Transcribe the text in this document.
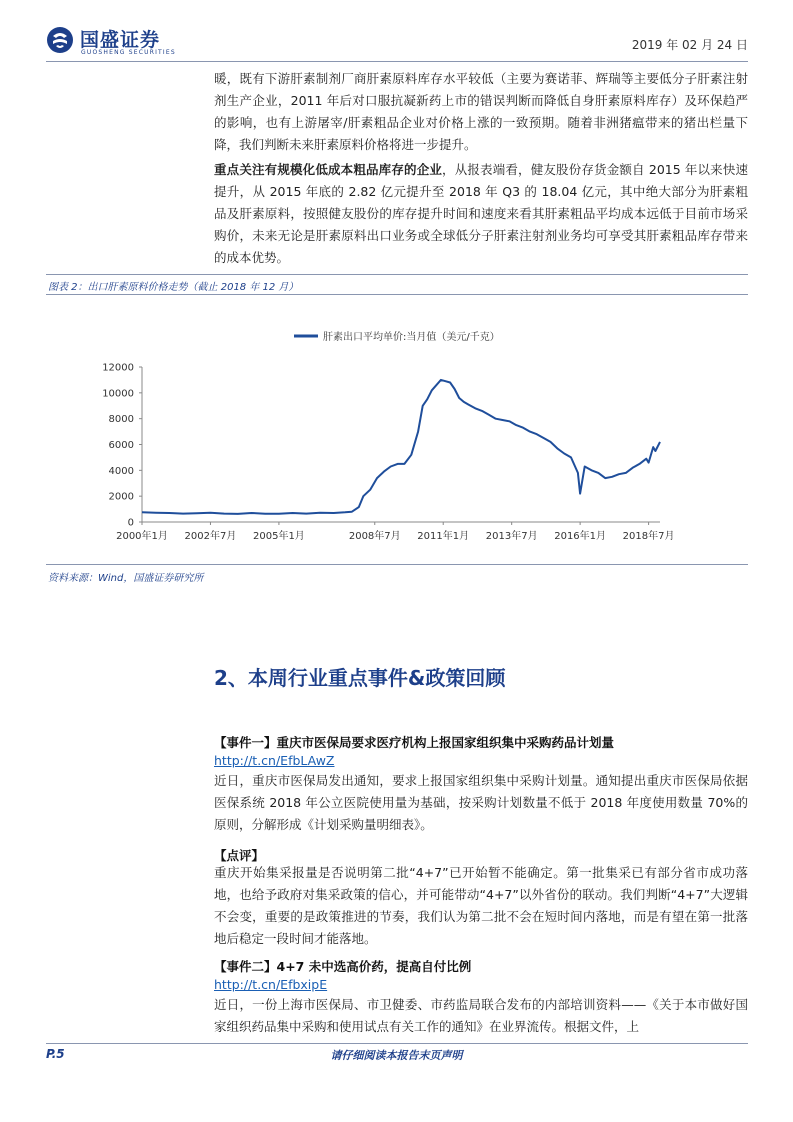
国盛证券
GUOSHENG SECURITIES
2019 年 02 月 24 日

暖，既有下游肝素制剂厂商肝素原料库存水平较低（主要为赛诺菲、辉瑞等主要低分子肝素注射剂生产企业，2011 年后对口服抗凝新药上市的错误判断而降低自身肝素原料库存）及环保趋严的影响，也有上游屠宰/肝素粗品企业对价格上涨的一致预期。随着非洲猪瘟带来的猪出栏量下降，我们判断未来肝素原料价格将进一步提升。

重点关注有规模化低成本粗品库存的企业，从报表端看，健友股份存货金额自 2015 年以来快速提升，从 2015 年底的 2.82 亿元提升至 2018 年 Q3 的 18.04 亿元，其中绝大部分为肝素粗品及肝素原料，按照健友股份的库存提升时间和速度来看其肝素粗品平均成本远低于目前市场采购价，未来无论是肝素原料出口业务或全球低分子肝素注射剂业务均可享受其肝素粗品库存带来的成本优势。

图表 2：出口肝素原料价格走势（截止 2018 年 12 月）
肝素出口平均单价:当月值（美元/千克）
0
2000
4000
6000
8000
10000
12000
2000年1月 2002年7月 2005年1月	2008年7月 2011年1月 2013年7月 2016年1月 2018年7月
资料来源：Wind，国盛证券研究所
2、本周行业重点事件&政策回顾
【事件一】重庆市医保局要求医疗机构上报国家组织集中采购药品计划量
http://t.cn/EfbLAwZ

近日，重庆市医保局发出通知，要求上报国家组织集中采购计划量。通知提出重庆市医保局依据医保系统 2018 年公立医院使用量为基础，按采购计划数量不低于 2018 年度使用数量 70%的原则，分解形成《计划采购量明细表》。

【点评】

重庆开始集采报量是否说明第二批“4+7”已开始暂不能确定。第一批集采已有部分省市成功落地，也给予政府对集采政策的信心，并可能带动“4+7”以外省份的联动。我们判断“4+7”大逻辑不会变，重要的是政策推进的节奏，我们认为第二批不会在短时间内落地，而是有望在第一批落地后稳定一段时间才能落地。

【事件二】4+7 未中选高价药，提高自付比例
http://t.cn/EfbxipE

近日，一份上海市医保局、市卫健委、市药监局联合发布的内部培训资料——《关于本市做好国家组织药品集中采购和使用试点有关工作的通知》在业界流传。根据文件，上

P.5	请仔细阅读本报告末页声明
